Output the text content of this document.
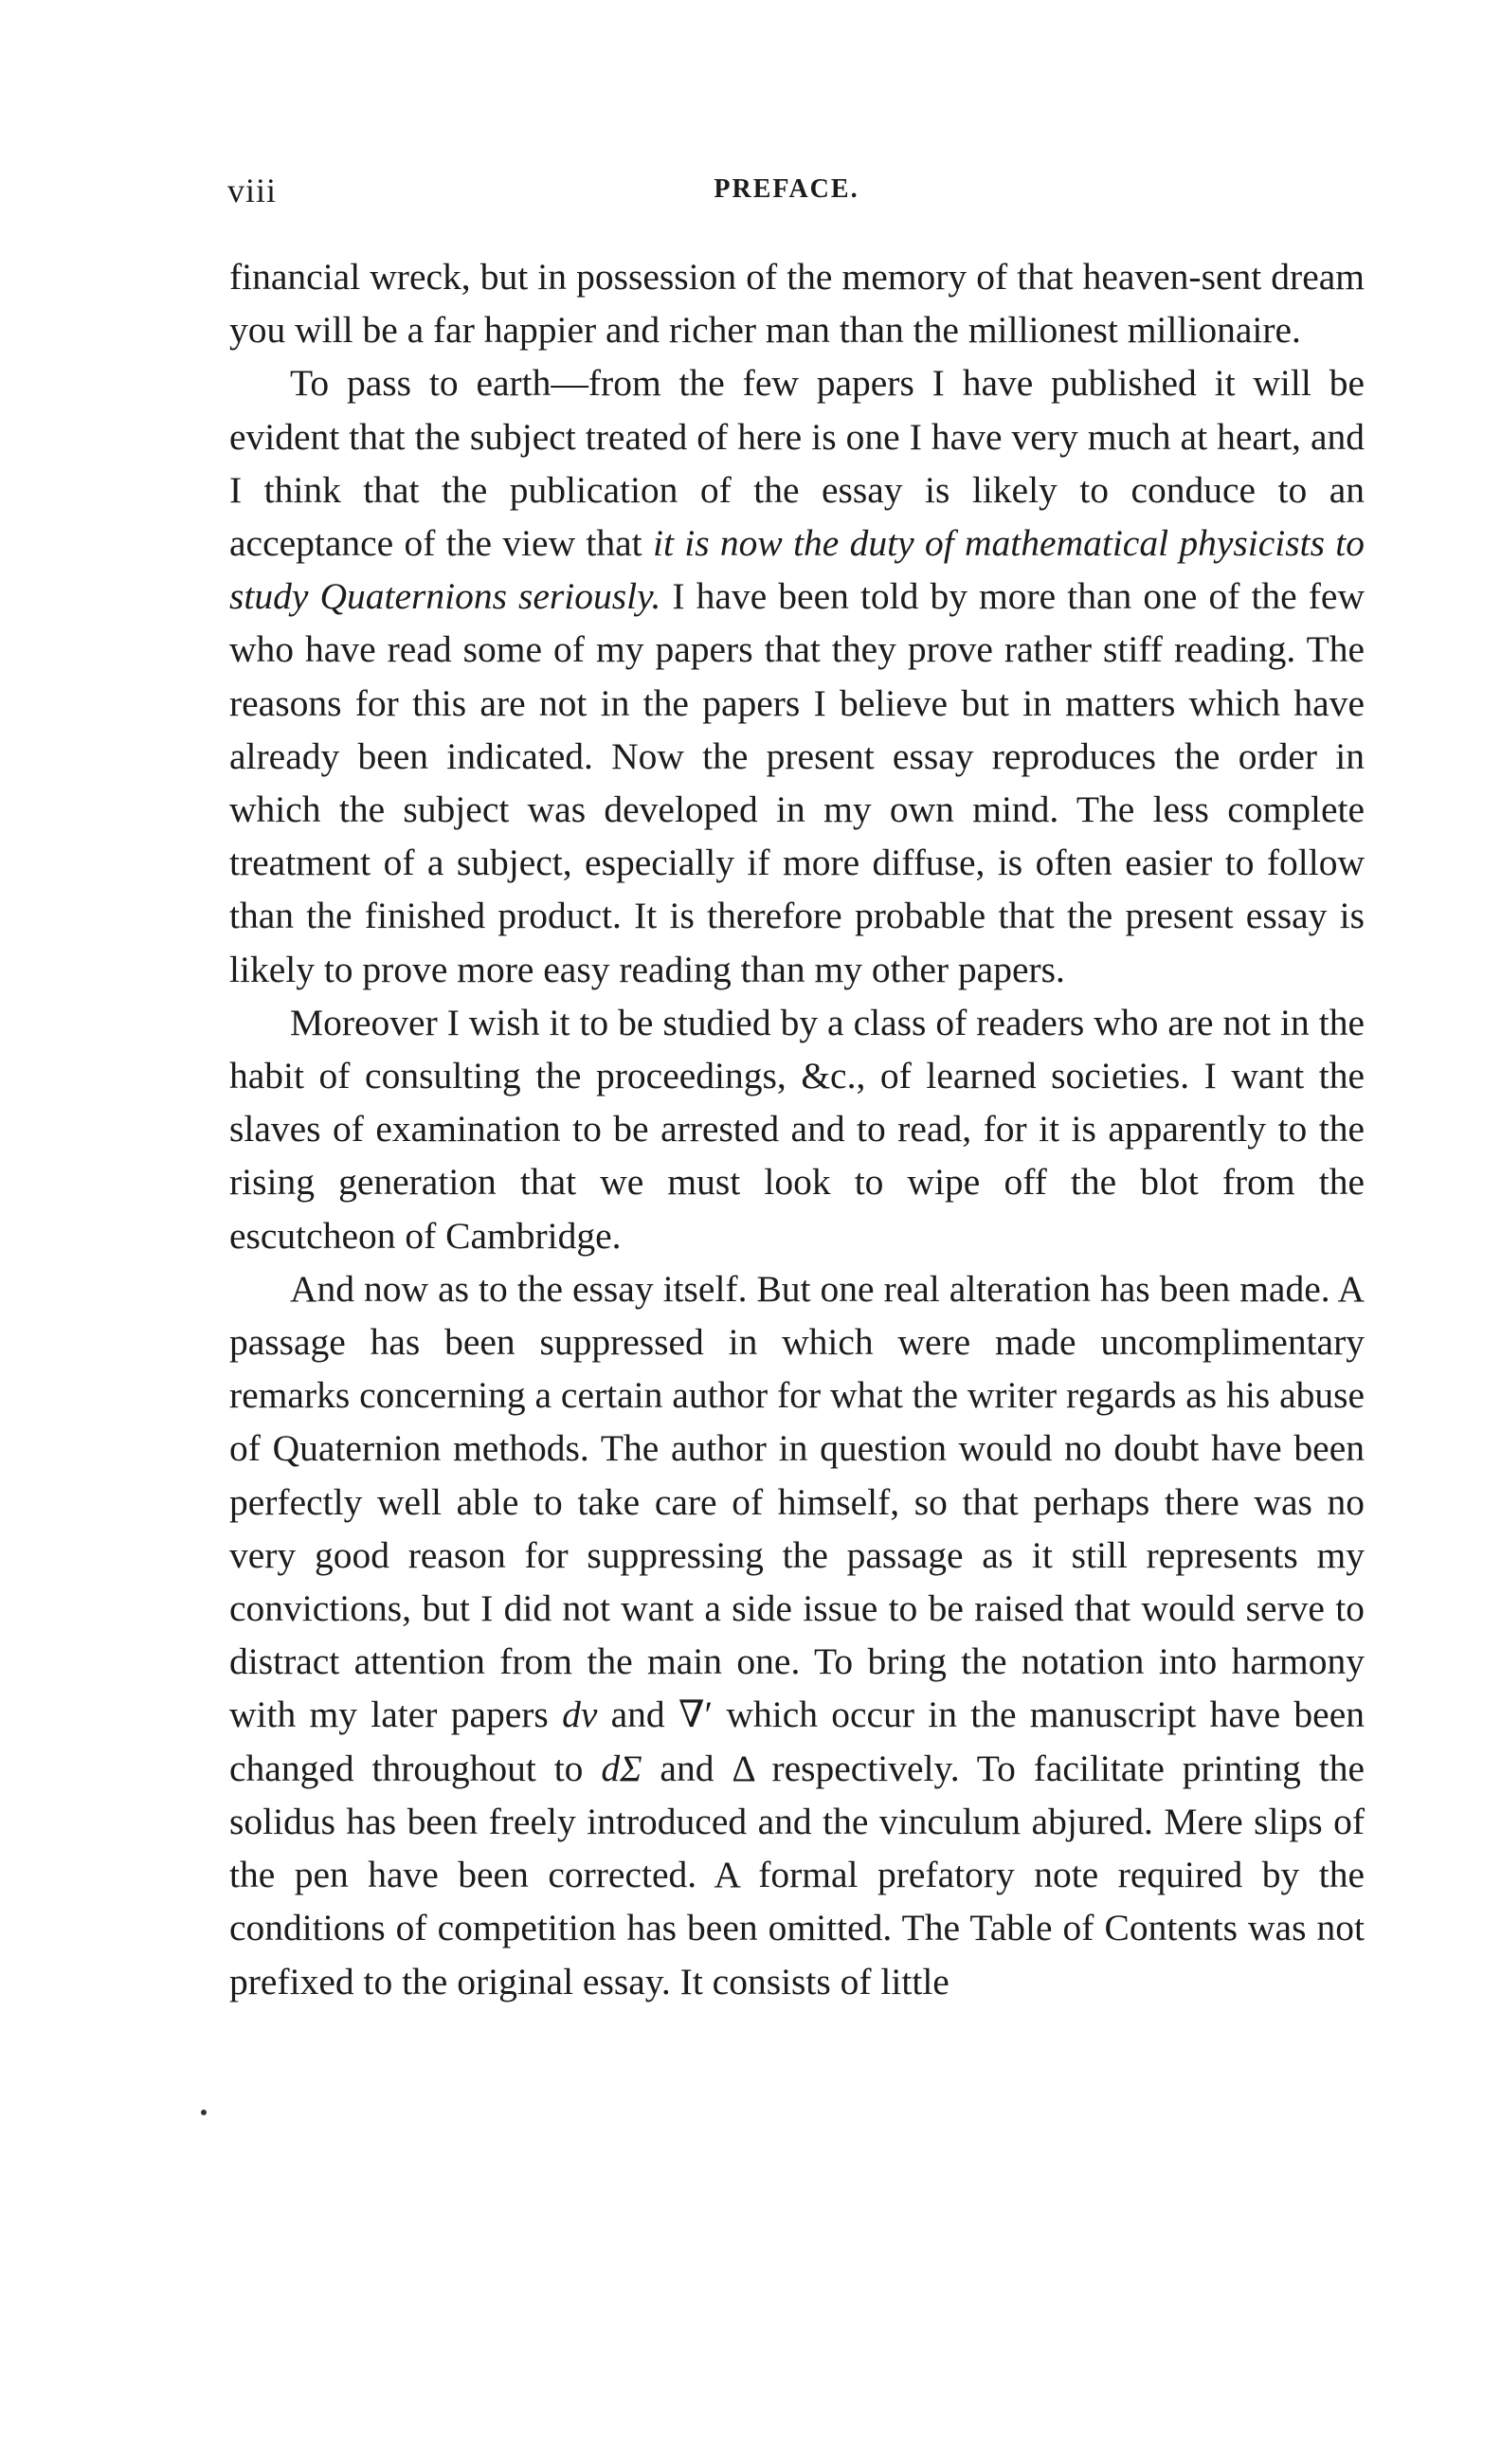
viii	PREFACE.

financial wreck, but in possession of the memory of that heaven-sent dream you will be a far happier and richer man than the millionest millionaire.

To pass to earth—from the few papers I have published it will be evident that the subject treated of here is one I have very much at heart, and I think that the publication of the essay is likely to conduce to an acceptance of the view that it is now the duty of mathematical physicists to study Quaternions seriously. I have been told by more than one of the few who have read some of my papers that they prove rather stiff reading. The reasons for this are not in the papers I believe but in matters which have already been indicated. Now the present essay reproduces the order in which the subject was developed in my own mind. The less complete treatment of a subject, especially if more diffuse, is often easier to follow than the finished product. It is therefore probable that the present essay is likely to prove more easy reading than my other papers.

Moreover I wish it to be studied by a class of readers who are not in the habit of consulting the proceedings, &c., of learned societies. I want the slaves of examination to be arrested and to read, for it is apparently to the rising generation that we must look to wipe off the blot from the escutcheon of Cambridge.

And now as to the essay itself. But one real alteration has been made. A passage has been suppressed in which were made uncomplimentary remarks concerning a certain author for what the writer regards as his abuse of Quaternion methods. The author in question would no doubt have been perfectly well able to take care of himself, so that perhaps there was no very good reason for suppressing the passage as it still represents my convictions, but I did not want a side issue to be raised that would serve to distract attention from the main one. To bring the notation into harmony with my later papers dν and ∇′ which occur in the manuscript have been changed throughout to dΣ and Δ respectively. To facilitate printing the solidus has been freely introduced and the vinculum abjured. Mere slips of the pen have been corrected. A formal prefatory note required by the conditions of competition has been omitted. The Table of Contents was not prefixed to the original essay. It consists of little
